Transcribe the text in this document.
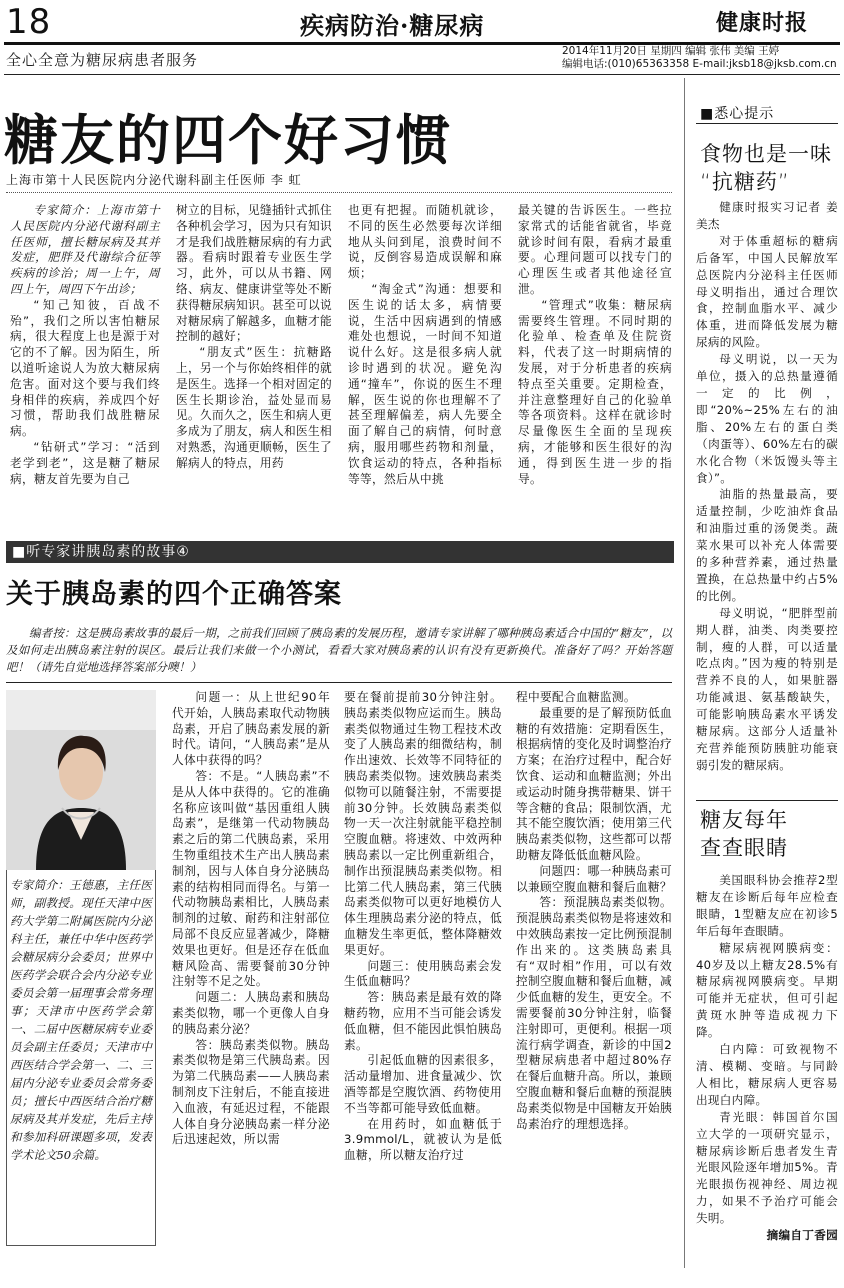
18	疾病防治·糖尿病	健康时报
全心全意为糖尿病患者服务	2014年11月20日 星期四 编辑 张伟 美编 王婷
编辑电话:(010)65363358 E-mail:jksb18@jksb.com.cn
糖友的四个好习惯
上海市第十人民医院内分泌代谢科副主任医师 李 虹

专家简介：上海市第十人民医院内分泌代谢科副主任医师，擅长糖尿病及其并发症，肥胖及代谢综合征等疾病的诊治；周一上午，周四上午，周四下午出诊；

“知己知彼，百战不殆”，我们之所以害怕糖尿病，很大程度上也是源于对它的不了解。因为陌生，所以道听途说人为放大糖尿病危害。面对这个要与我们终身相伴的疾病，养成四个好习惯，帮助我们战胜糖尿病。

“钻研式”学习：“活到老学到老”，这是糖了糖尿病，糖友首先要为自己

树立的目标，见缝插针式抓住各种机会学习，因为只有知识才是我们战胜糖尿病的有力武器。看病时跟着专业医生学习，此外，可以从书籍、网络、病友、健康讲堂等处不断获得糖尿病知识。甚至可以说对糖尿病了解越多，血糖才能控制的越好；

“朋友式”医生：抗糖路上，另一个与你始终相伴的就是医生。选择一个相对固定的医生长期诊治，益处显而易见。久而久之，医生和病人更多成为了朋友，病人和医生相对熟悉，沟通更顺畅，医生了解病人的特点，用药

也更有把握。而随机就诊，不同的医生必然要每次详细地从头问到尾，浪费时间不说，反倒容易造成误解和麻烦；

“淘金式”沟通：想要和医生说的话太多，病情要说，生活中因病遇到的情感难处也想说，一时间不知道说什么好。这是很多病人就诊时遇到的状况。避免沟通“撞车”，你说的医生不理解，医生说的你也理解不了甚至理解偏差，病人先要全面了解自己的病情，何时意病，服用哪些药物和剂量，饮食运动的特点，各种指标等等，然后从中挑

最关键的告诉医生。一些拉家常式的话能省就省，毕竟就诊时间有限，看病才最重要。心理问题可以找专门的心理医生或者其他途径宣泄。

“管理式”收集：糖尿病需要终生管理。不同时期的化验单、检查单及住院资料，代表了这一时期病情的发展，对于分析患者的疾病特点至关重要。定期检查，并注意整理好自己的化验单等各项资料。这样在就诊时尽量像医生全面的呈现疾病，才能够和医生很好的沟通，得到医生进一步的指导。

■悉心提示
食物也是一味
“抗糖药”

健康时报实习记者 姜美杰

对于体重超标的糖病后备军，中国人民解放军总医院内分泌科主任医师母义明指出，通过合理饮食，控制血脂水平、减少体重，进而降低发展为糖尿病的风险。

母义明说，以一天为单位，摄入的总热量遵循一定的比例，即“20%~25%左右的油脂、20%左右的蛋白类（肉蛋等）、60%左右的碳水化合物（米饭馒头等主食）”。

油脂的热量最高，要适量控制，少吃油炸食品和油脂过重的汤煲类。蔬菜水果可以补充人体需要的多种营养素，通过热量置换，在总热量中约占5%的比例。

母义明说，“肥胖型前期人群，油类、肉类要控制，瘦的人群，可以适量吃点肉。”因为瘦的特别是营养不良的人，如果脏器功能减退、氨基酸缺失，可能影响胰岛素水平诱发糖尿病。这部分人适量补充营养能预防胰脏功能衰弱引发的糖尿病。

糖友每年
查查眼睛

美国眼科协会推荐2型糖友在诊断后每年应检查眼睛，1型糖友应在初诊5年后每年查眼睛。

糖尿病视网膜病变：40岁及以上糖友28.5%有糖尿病视网膜病变。早期可能并无症状，但可引起黄斑水肿等造成视力下降。

白内障：可致视物不清、模糊、变暗。与同龄人相比，糖尿病人更容易出现白内障。

青光眼：韩国首尔国立大学的一项研究显示，糖尿病诊断后患者发生青光眼风险逐年增加5%。青光眼损伤视神经、周边视力，如果不予治疗可能会失明。

摘编自丁香园

■听专家讲胰岛素的故事④
关于胰岛素的四个正确答案
编者按：这是胰岛素故事的最后一期，之前我们回顾了胰岛素的发展历程，邀请专家讲解了哪种胰岛素适合中国的“糖友”，以及如何走出胰岛素注射的误区。最后让我们来做一个小测试，看看大家对胰岛素的认识有没有更新换代。准备好了吗？开始答题吧！（请先自觉地选择答案部分噢！）
专家简介：王德惠，主任医师，副教授。现任天津中医药大学第二附属医院内分泌科主任，兼任中华中医药学会糖尿病分会委员；世界中医药学会联合会内分泌专业委员会第一届理事会常务理事；天津市中医药学会第一、二届中医糖尿病专业委员会副主任委员；天津市中西医结合学会第一、二、三届内分泌专业委员会常务委员；擅长中西医结合治疗糖尿病及其并发症，先后主持和参加科研课题多项，发表学术论文50余篇。

问题一：从上世纪90年代开始，人胰岛素取代动物胰岛素，开启了胰岛素发展的新时代。请问，“人胰岛素”是从人体中获得的吗？

答：不是。“人胰岛素”不是从人体中获得的。它的准确名称应该叫做“基因重组人胰岛素”，是继第一代动物胰岛素之后的第二代胰岛素，采用生物重组技术生产出人胰岛素制剂，因与人体自身分泌胰岛素的结构相同而得名。与第一代动物胰岛素相比，人胰岛素制剂的过敏、耐药和注射部位局部不良反应显著减少，降糖效果也更好。但是还存在低血糖风险高、需要餐前30分钟注射等不足之处。

问题二：人胰岛素和胰岛素类似物，哪一个更像人自身的胰岛素分泌？

答：胰岛素类似物。胰岛素类似物是第三代胰岛素。因为第二代胰岛素——人胰岛素制剂皮下注射后，不能直接进入血液，有延迟过程，不能跟人体自身分泌胰岛素一样分泌后迅速起效，所以需

要在餐前提前30分钟注射。胰岛素类似物应运而生。胰岛素类似物通过生物工程技术改变了人胰岛素的细微结构，制作出速效、长效等不同特征的胰岛素类似物。速效胰岛素类似物可以随餐注射，不需要提前30分钟。长效胰岛素类似物一天一次注射就能平稳控制空腹血糖。将速效、中效两种胰岛素以一定比例重新组合，制作出预混胰岛素类似物。相比第二代人胰岛素，第三代胰岛素类似物可以更好地模仿人体生理胰岛素分泌的特点，低血糖发生率更低，整体降糖效果更好。

问题三：使用胰岛素会发生低血糖吗？

答：胰岛素是最有效的降糖药物，应用不当可能会诱发低血糖，但不能因此惧怕胰岛素。

引起低血糖的因素很多，活动量增加、进食量减少、饮酒等都是空腹饮酒、药物使用不当等都可能导致低血糖。

在用药时，如血糖低于3.9mmol/L，就被认为是低血糖，所以糖友治疗过

程中要配合血糖监测。

最重要的是了解预防低血糖的有效措施：定期看医生，根据病情的变化及时调整治疗方案；在治疗过程中，配合好饮食、运动和血糖监测；外出或运动时随身携带糖果、饼干等含糖的食品；限制饮酒，尤其不能空腹饮酒；使用第三代胰岛素类似物，这些都可以帮助糖友降低低血糖风险。

问题四：哪一种胰岛素可以兼顾空腹血糖和餐后血糖？

答：预混胰岛素类似物。预混胰岛素类似物是将速效和中效胰岛素按一定比例预混制作出来的。这类胰岛素具有“双时相”作用，可以有效控制空腹血糖和餐后血糖，减少低血糖的发生，更安全。不需要餐前30分钟注射，临餐注射即可，更便利。根据一项流行病学调查，新诊的中国2型糖尿病患者中超过80%存在餐后血糖升高。所以，兼顾空腹血糖和餐后血糖的预混胰岛素类似物是中国糖友开始胰岛素治疗的理想选择。
